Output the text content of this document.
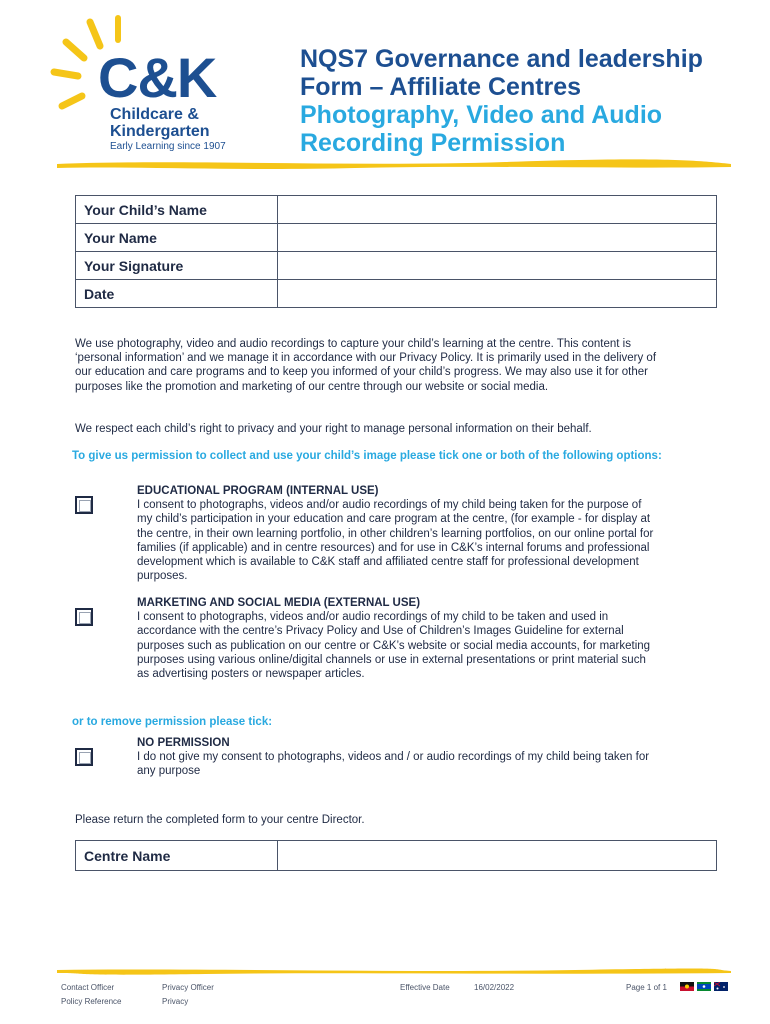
C&K
Childcare &
Kindergarten
Early Learning since 1907
NQS7 Governance and leadership
Form – Affiliate Centres
Photography, Video and Audio
Recording Permission
Your Child’s Name	
Your Name	
Your Signature	
Date	
We use photography, video and audio recordings to capture your child’s learning at the centre. This content is ‘personal information’ and we manage it in accordance with our Privacy Policy. It is primarily used in the delivery of our education and care programs and to keep you informed of your child’s progress. We may also use it for other purposes like the promotion and marketing of our centre through our website or social media.
We respect each child’s right to privacy and your right to manage personal information on their behalf.
To give us permission to collect and use your child’s image please tick one or both of the following options:
EDUCATIONAL PROGRAM (INTERNAL USE)
I consent to photographs, videos and/or audio recordings of my child being taken for the purpose of my child’s participation in your education and care program at the centre, (for example - for display at the centre, in their own learning portfolio, in other children’s learning portfolios, on our online portal for families (if applicable) and in centre resources) and for use in C&K’s internal forums and professional development which is available to C&K staff and affiliated centre staff for professional development purposes.
MARKETING AND SOCIAL MEDIA (EXTERNAL USE)
I consent to photographs, videos and/or audio recordings of my child to be taken and used in accordance with the centre’s Privacy Policy and Use of Children’s Images Guideline for external purposes such as publication on our centre or C&K’s website or social media accounts, for marketing purposes using various online/digital channels or use in external presentations or print material such as advertising posters or newspaper articles.
or to remove permission please tick:
NO PERMISSION
I do not give my consent to photographs, videos and / or audio recordings of my child being taken for any purpose
Please return the completed form to your centre Director.
Centre Name	
Contact Officer	Privacy Officer
Policy Reference	Privacy
Effective Date	16/02/2022	Page 1 of 1
